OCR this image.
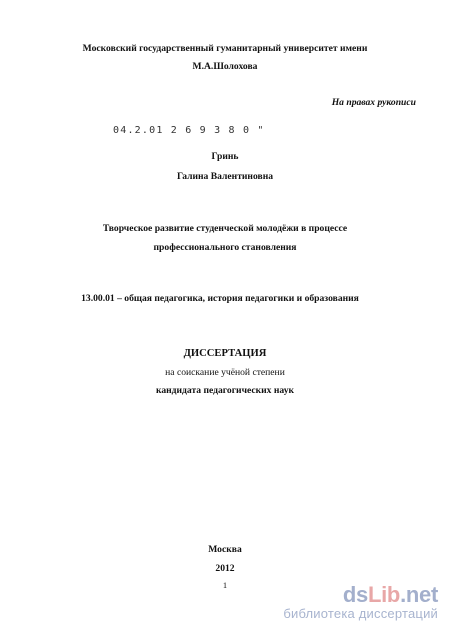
Московский государственный гуманитарный университет имени
М.А.Шолохова
На правах рукописи
04.2.01 2 6 9 3 8 0 "
Гринь
Галина Валентиновна
Творческое развитие студенческой молодёжи в процессе
профессионального становления
13.00.01 – общая педагогика, история педагогики и образования
ДИССЕРТАЦИЯ
на соискание учёной степени
кандидата педагогических наук
Москва
2012
1	dsLib.net
библиотека диссертаций
